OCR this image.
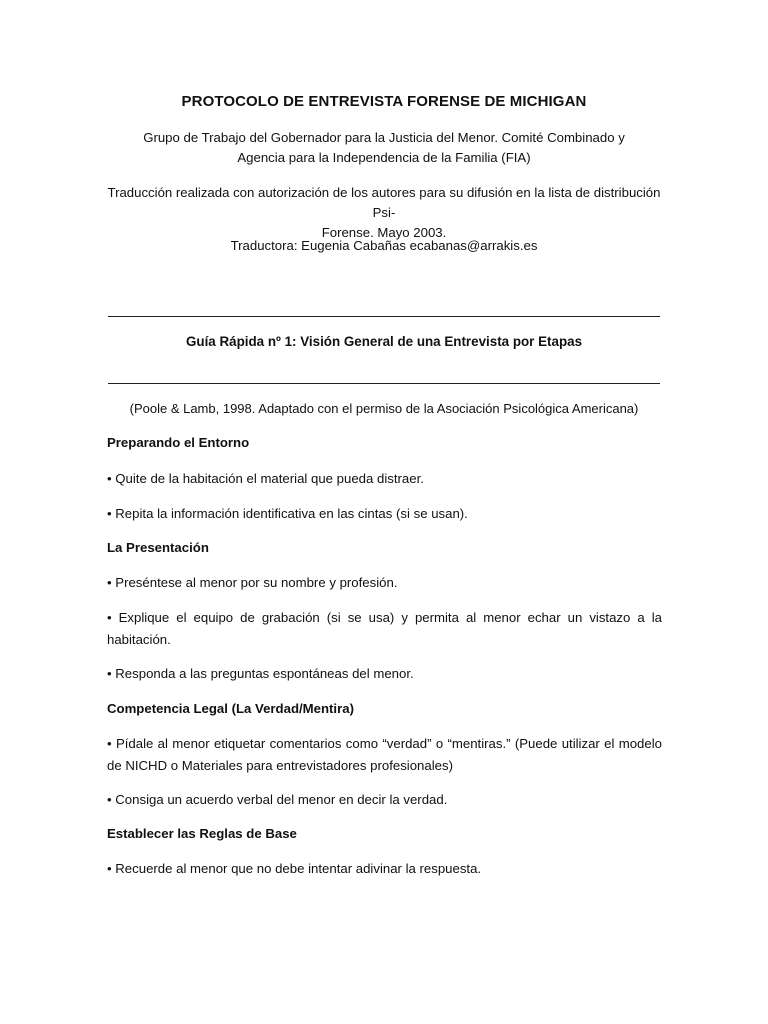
PROTOCOLO DE ENTREVISTA FORENSE DE MICHIGAN
Grupo de Trabajo del Gobernador para la Justicia del Menor. Comité Combinado y
Agencia para la Independencia de la Familia (FIA)
Traducción realizada con autorización de los autores para su difusión en la lista de distribución Psi-
Forense. Mayo 2003.
Traductora: Eugenia Cabañas ecabanas@arrakis.es
Guía Rápida nº 1: Visión General de una Entrevista por Etapas
(Poole & Lamb, 1998. Adaptado con el permiso de la Asociación Psicológica Americana)
Preparando el Entorno
• Quite de la habitación el material que pueda distraer.
• Repita la información identificativa en las cintas (si se usan).
La Presentación
• Preséntese al menor por su nombre y profesión.
• Explique el equipo de grabación (si se usa) y permita al menor echar un vistazo a la habitación.
• Responda a las preguntas espontáneas del menor.
Competencia Legal (La Verdad/Mentira)
• Pídale al menor etiquetar comentarios como “verdad” o “mentiras.” (Puede utilizar el modelo de NICHD o Materiales para entrevistadores profesionales)
• Consiga un acuerdo verbal del menor en decir la verdad.
Establecer las Reglas de Base
• Recuerde al menor que no debe intentar adivinar la respuesta.
